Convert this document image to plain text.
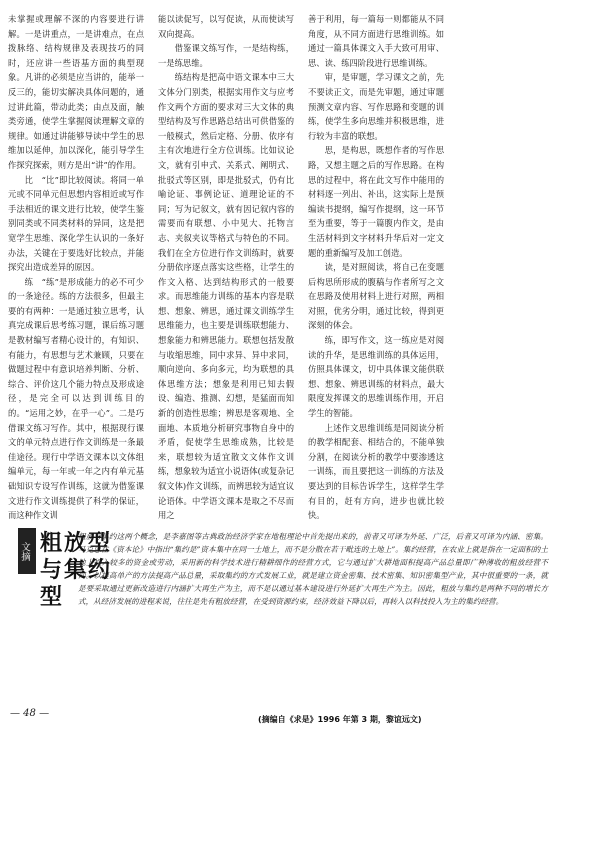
未掌握或理解不深的内容要进行讲解。一是讲重点，一是讲难点，在点拨脉络、结构规律及表现技巧的同时，还应讲一些语基方面的典型现象。凡讲的必须是应当讲的，能举一反三的，能切实解决具体问题的，通过讲此篇，带动此类；由点及面，触类旁通，使学生掌握阅读理解文章的规律。如通过讲能够导读中学生的思维加以延伸，加以深化，能引导学生作探究探索，则方是出“讲”的作用。

比　“比”即比较阅读。将同一单元或不同单元但思想内容相近或写作手法相近的课文进行比较，使学生鉴别同类或不同类材料的异同，这是把宽学生思维、深化学生认识的一条好办法，关键在于要选好比较点，并能探究出造成差异的原因。

练　“练”是形成能力的必不可少的一条途径。练的方法很多，但最主要的有两种：一是通过独立思考，认真完成课后思考练习题，课后练习题是教材编写者精心设计的，有知识、有能力，有思想与艺术兼顾，只要在做题过程中有意识培养判断、分析、综合、评价这几个能力特点及形成途径，是完全可以达到训练目的的。“运用之妙，在乎一心”。二是巧借课文练习写作。其中，根据现行课文的单元特点进行作文训练是一条最佳途径。现行中学语文课本以文体组编单元，每一年或一年之内有单元基础知识专设写作训练，这就为借鉴课文进行作文训练提供了科学的保证，而这种作文训

能以读促写，以写促读，从而使读写双向提高。

借鉴课文练写作，一是结构练，一是练思维。

练结构是把高中语文课本中三大文体分门别类，根据实用作文与应考作文两个方面的要求对三大文体的典型结构及写作思路总结出可供借鉴的一般模式，然后定格、分册、依序有主有次地进行全方位训练。比如议论文，就有引申式、关系式、阐明式、批驳式等区别，即是批驳式，仍有比喻论证、事例论证、道理论证的不同；写为记叙文，就有因记叙内容的需要而有联想、小中见大、托物言志、夹叙夹议等格式与特色的不同。我们在全方位进行作文训练时，就要分册依序逐点落实这些格，让学生的作文入格、达到结构形式的一般要求。而思维能力训练的基本内容是联想、想象、辨思，通过课文训练学生思维能力，也主要是训练联想能力、想象能力和辨思能力。联想包括发散与收缩思维，同中求异、异中求同，顺向逆向、多向多元，均为联想的具体思维方法；想象是利用已知去假设、编造、推测、幻想，是猛面而知新的创造性思维；辨思是客观地、全面地、本质地分析研究事物自身中的矛盾，促使学生思维成熟，比较是来，联想较为适宜散文文体作文训练，想象较为适宜小说语体(或复杂记叙文体)作文训练，而辨思较为适宜议论语体。中学语文课本是取之不尽而用之

善于利用，每一篇每一则都能从不同角度，从不同方面进行思维训练。如通过一篇具体课文入手大致可用审、思、读、练四阶段进行思维训练。

审，是审题，学习课文之前，先不要读正文，而是先审题，通过审题预测文章内容、写作思路和变题的训练，使学生多向思维并积极思维，进行较为丰富的联想。

思，是构思，既想作者的写作思路，又想主题之后的写作思路。在构思的过程中，将在此文写作中能用的材料逐一列出、补出，这实际上是预编读书提纲，编写作提纲，这一环节至为重要，等于一篇腹内作文，是由生活材料到文字材料升华后对一定文题的重新编写及加工创造。

读，是对照阅读，将自己在变题后构思所形成的腹稿与作者所写之文在思路及使用材料上进行对照，两相对照，优劣分明，通过比较，得到更深刻的体会。

练，即写作文，这一练应是对阅读的升华，是思维训练的具体运用，仿照具体课文，切中具体课文能供联想、想象、辨思训练的材料点，最大限度发挥课文的思维训练作用，开启学生的智能。

上述作文思维训练是同阅读分析的教学相配套、相结合的，不能单独分割，在阅读分析的教学中要渗透这一训练，而且要把这一训练的方法及要达到的目标告诉学生，这样学生学有目的，赶有方向，进步也就比较快。

文摘 粗放型与集约型
粗放与集约这两个概念，是李嘉图等古典政治经济学家在地租理论中首先提出来的，前者又可译为外延、广泛，后者又可译为内涵、密集。马克思在《资本论》中指出“集约是”资本集中在同一土地上，而不是分散在若干毗连的土地上”。集约经营，在农业上就是指在一定面积的土地上投入较多的资金或劳动，采用新的科学技术进行精耕细作的经营方式，它与通过扩大耕地面积提高产品总量即广种薄收的粗放经营不同。以提高单产的方法提高产品总量，采取集约的方式发展工业，就是建立资金密集、技术密集、知识密集型产业，其中很重要的一条，就是要采取通过更新改造进行内涵扩大再生产为主，而不是以通过基本建设进行外延扩大再生产为主。因此，粗放与集约是两种不同的增长方式，从经济发展的进程来说，往往是先有粗放经营，在受到资源约束，经济效益下降以后，再转入以科技投入为主的集约经营。
(摘编自《求是》1996 年第 3 期，黎谊远文)
— 48 —
